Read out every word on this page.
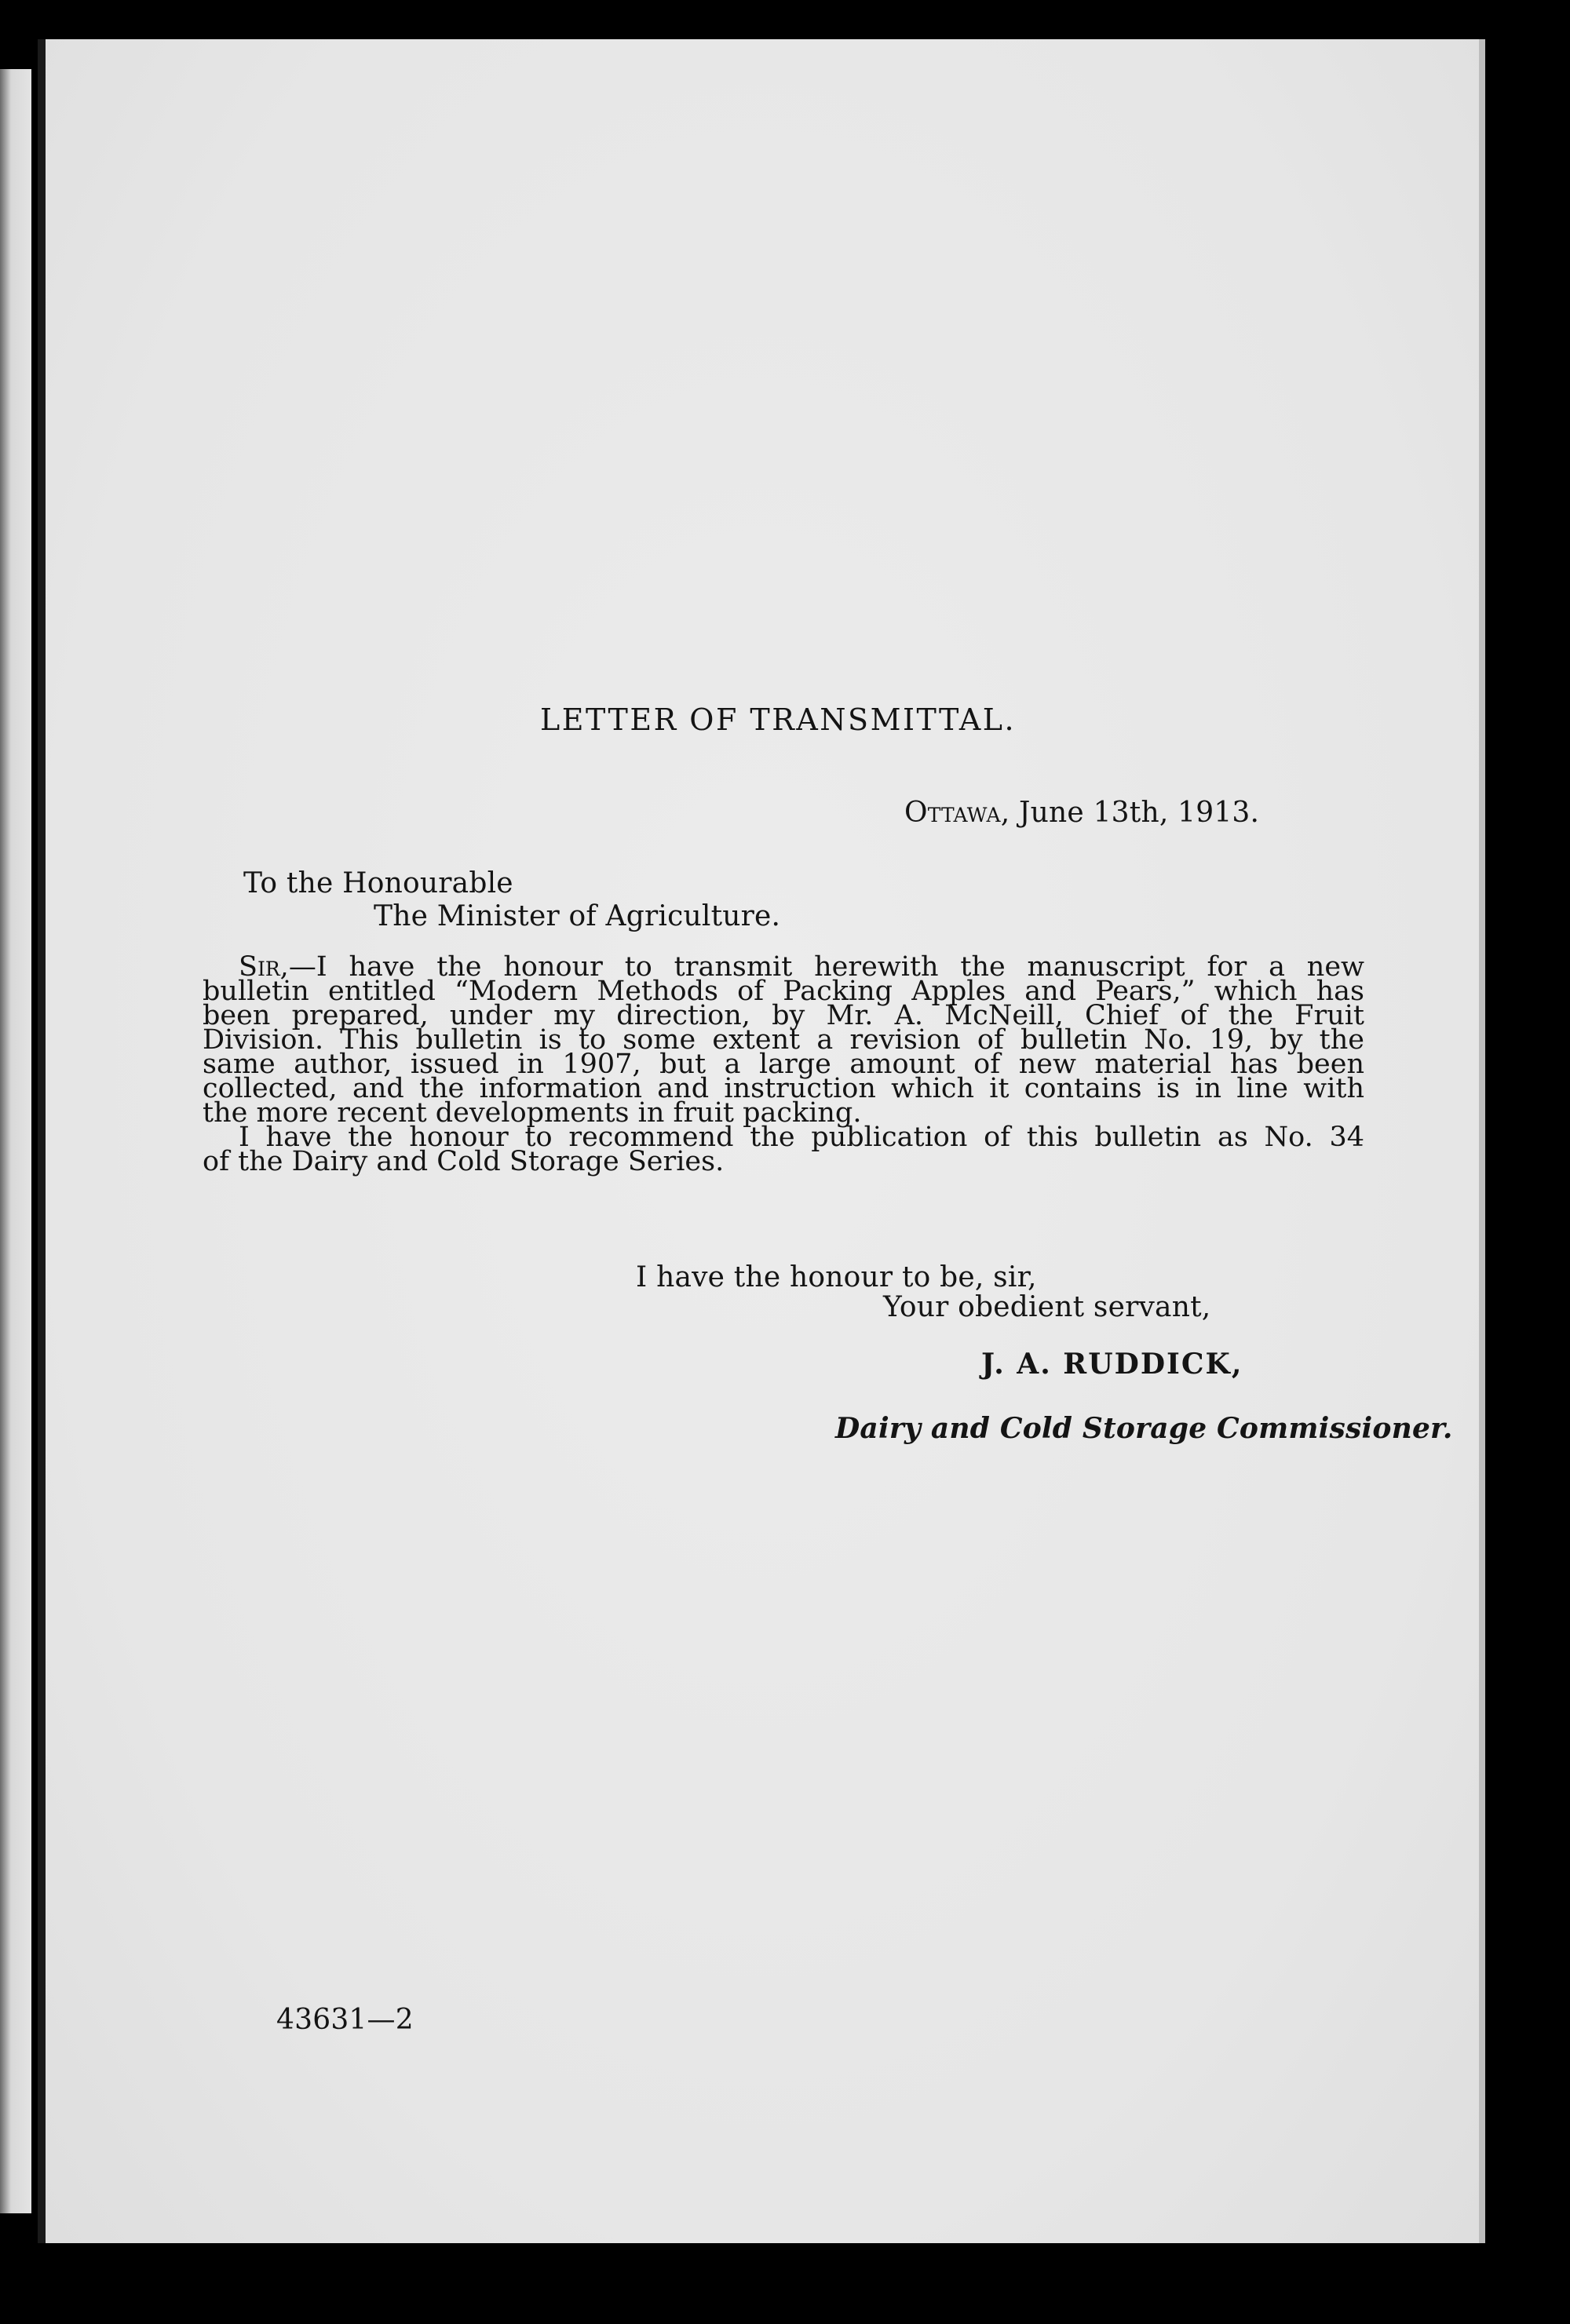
LETTER OF TRANSMITTAL.
Ottawa, June 13th, 1913.
To the Honourable
The Minister of Agriculture.

Sir,—I have the honour to transmit herewith the manuscript for a new

bulletin entitled “Modern Methods of Packing Apples and Pears,” which has

been prepared, under my direction, by Mr. A. McNeill, Chief of the Fruit

Division. This bulletin is to some extent a revision of bulletin No. 19, by the

same author, issued in 1907, but a large amount of new material has been

collected, and the information and instruction which it contains is in line with

the more recent developments in fruit packing.

I have the honour to recommend the publication of this bulletin as No. 34

of the Dairy and Cold Storage Series.

I have the honour to be, sir,
Your obedient servant,
J. A. RUDDICK,
Dairy and Cold Storage Commissioner.
43631—2
